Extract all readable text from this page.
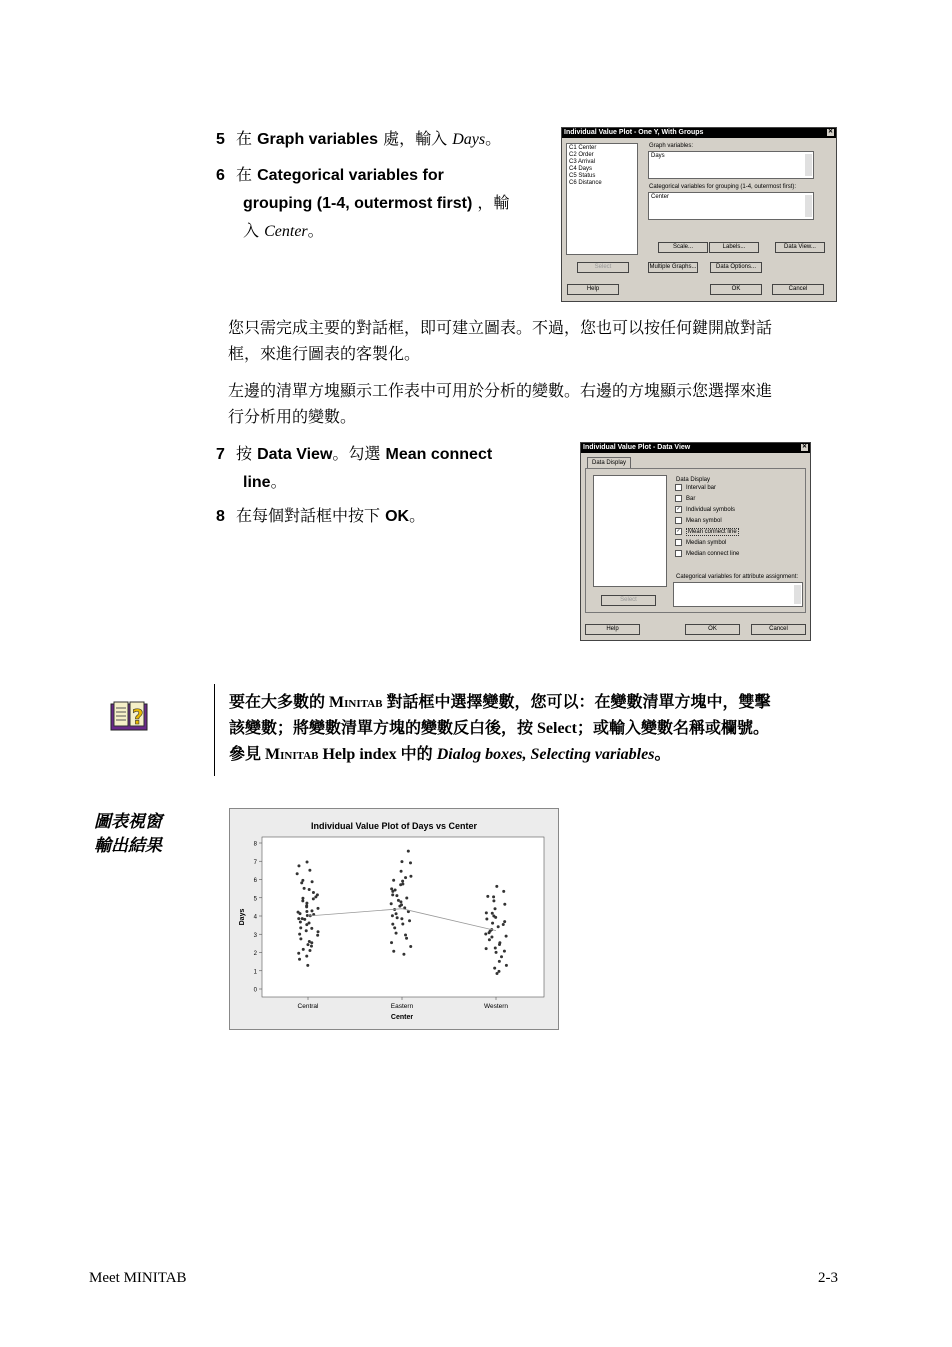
5 在 Graph variables 處，輸入 Days。
6 在 Categorical variables for
grouping (1-4, outermost first) ，輸
入 Center。
Individual Value Plot - One Y, With Groups	✕
C1 Center
C2 Order
C3 Arrival
C4 Days
C5 Status
C6 Distance
Graph variables:
Days
Categorical variables for grouping (1-4, outermost first):
Center
Scale...	Labels...	Data View...
Select	Multiple Graphs...	Data Options...
Help	OK	Cancel
您只需完成主要的對話框，即可建立圖表。不過，您也可以按任何鍵開啟對話
框，來進行圖表的客製化。
左邊的清單方塊顯示工作表中可用於分析的變數。右邊的方塊顯示您選擇來進
行分析用的變數。
7 按 Data View。勾選 Mean connect
line。
8 在每個對話框中按下 OK。
Individual Value Plot - Data View	✕
Data Display
Data Display
Interval bar
Bar
✓ Individual symbols
Mean symbol
✓ Mean connect line
Median symbol
Median connect line
Categorical variables for attribute assignment:
Select
Help	OK	Cancel
?
要在大多數的 Minitab 對話框中選擇變數，您可以：在變數清單方塊中，雙擊
該變數；將變數清單方塊的變數反白後，按 Select；或輸入變數名稱或欄號。
參見 Minitab Help index 中的 Dialog boxes, Selecting variables。
圖表視窗
輸出結果
Individual Value Plot of Days vs Center
0
1
2
3
4
5
6
7
8
Central	Eastern	Western
Center
Days
Meet MINITAB	2-3
